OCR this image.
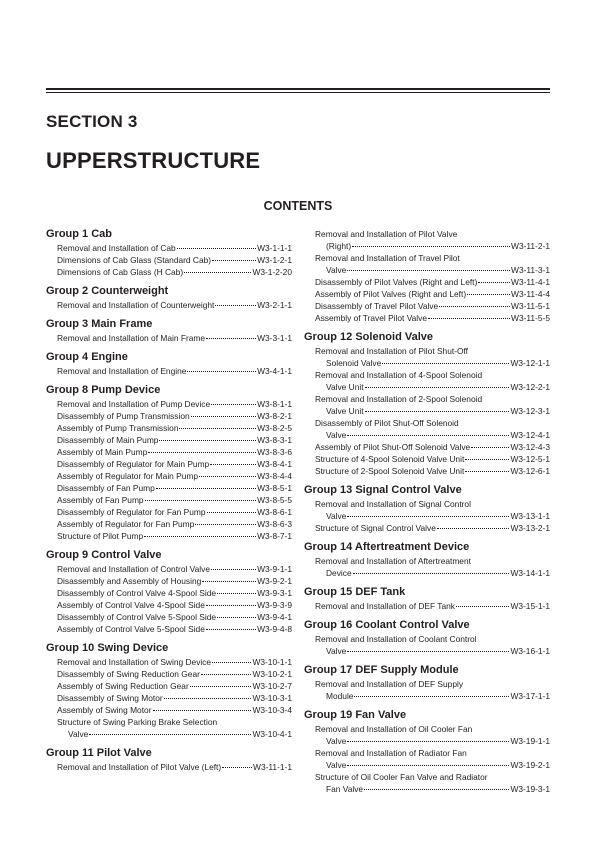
SECTION 3
UPPERSTRUCTURE
CONTENTS
Group 1 Cab
Removal and Installation of Cab	W3-1-1-1
Dimensions of Cab Glass (Standard Cab)	W3-1-2-1
Dimensions of Cab Glass (H Cab)	W3-1-2-20
Group 2 Counterweight
Removal and Installation of Counterweight	W3-2-1-1
Group 3 Main Frame
Removal and Installation of Main Frame	W3-3-1-1
Group 4 Engine
Removal and Installation of Engine	W3-4-1-1
Group 8 Pump Device
Removal and Installation of Pump Device	W3-8-1-1
Disassembly of Pump Transmission	W3-8-2-1
Assembly of Pump Transmission	W3-8-2-5
Disassembly of Main Pump	W3-8-3-1
Assembly of Main Pump	W3-8-3-6
Disassembly of Regulator for Main Pump	W3-8-4-1
Assembly of Regulator for Main Pump	W3-8-4-4
Disassembly of Fan Pump	W3-8-5-1
Assembly of Fan Pump	W3-8-5-5
Disassembly of Regulator for Fan Pump	W3-8-6-1
Assembly of Regulator for Fan Pump	W3-8-6-3
Structure of Pilot Pump	W3-8-7-1
Group 9 Control Valve
Removal and Installation of Control Valve	W3-9-1-1
Disassembly and Assembly of Housing	W3-9-2-1
Disassembly of Control Valve 4-Spool Side	W3-9-3-1
Assembly of Control Valve 4-Spool Side	W3-9-3-9
Disassembly of Control Valve 5-Spool Side	W3-9-4-1
Assembly of Control Valve 5-Spool Side	W3-9-4-8
Group 10 Swing Device
Removal and Installation of Swing Device	W3-10-1-1
Disassembly of Swing Reduction Gear	W3-10-2-1
Assembly of Swing Reduction Gear	W3-10-2-7
Disassembly of Swing Motor	W3-10-3-1
Assembly of Swing Motor	W3-10-3-4
Structure of Swing Parking Brake Selection
Valve	W3-10-4-1
Group 11 Pilot Valve
Removal and Installation of Pilot Valve (Left)	W3-11-1-1
Removal and Installation of Pilot Valve
(Right)	W3-11-2-1
Removal and Installation of Travel Pilot
Valve	W3-11-3-1
Disassembly of Pilot Valves (Right and Left)	W3-11-4-1
Assembly of Pilot Valves (Right and Left)	W3-11-4-4
Disassembly of Travel Pilot Valve	W3-11-5-1
Assembly of Travel Pilot Valve	W3-11-5-5
Group 12 Solenoid Valve
Removal and Installation of Pilot Shut-Off
Solenoid Valve	W3-12-1-1
Removal and Installation of 4-Spool Solenoid
Valve Unit	W3-12-2-1
Removal and Installation of 2-Spool Solenoid
Valve Unit	W3-12-3-1
Disassembly of Pilot Shut-Off Solenoid
Valve	W3-12-4-1
Assembly of Pilot Shut-Off Solenoid Valve	W3-12-4-3
Structure of 4-Spool Solenoid Valve Unit	W3-12-5-1
Structure of 2-Spool Solenoid Valve Unit	W3-12-6-1
Group 13 Signal Control Valve
Removal and Installation of Signal Control
Valve	W3-13-1-1
Structure of Signal Control Valve	W3-13-2-1
Group 14 Aftertreatment Device
Removal and Installation of Aftertreatment
Device	W3-14-1-1
Group 15 DEF Tank
Removal and Installation of DEF Tank	W3-15-1-1
Group 16 Coolant Control Valve
Removal and Installation of Coolant Control
Valve	W3-16-1-1
Group 17 DEF Supply Module
Removal and Installation of DEF Supply
Module	W3-17-1-1
Group 19 Fan Valve
Removal and Installation of Oil Cooler Fan
Valve	W3-19-1-1
Removal and Installation of Radiator Fan
Valve	W3-19-2-1
Structure of Oil Cooler Fan Valve and Radiator
Fan Valve	W3-19-3-1
